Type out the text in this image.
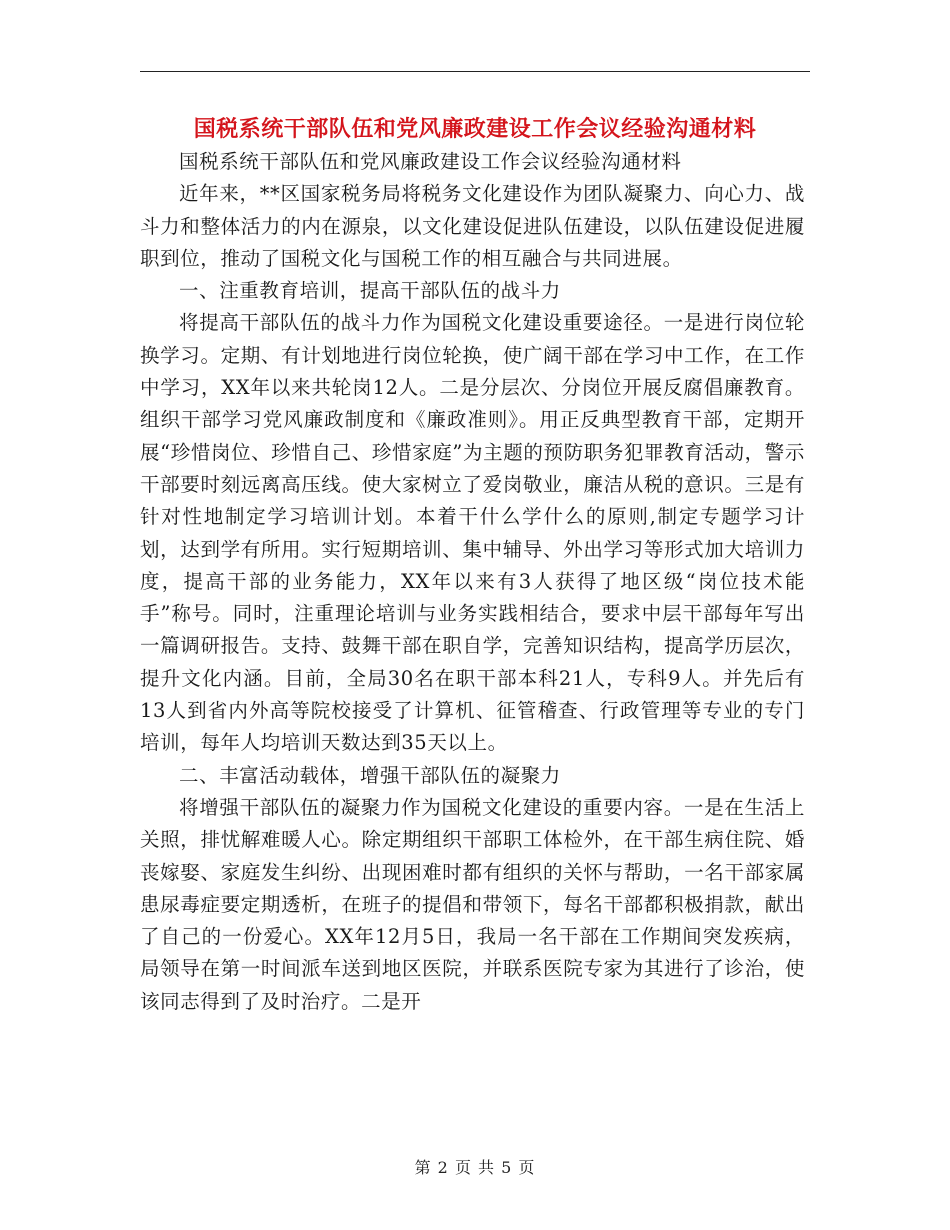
国税系统干部队伍和党风廉政建设工作会议经验沟通材料

国税系统干部队伍和党风廉政建设工作会议经验沟通材料

近年来，**区国家税务局将税务文化建设作为团队凝聚力、向心力、战斗力和整体活力的内在源泉，以文化建设促进队伍建设，以队伍建设促进履职到位，推动了国税文化与国税工作的相互融合与共同进展。

一、注重教育培训，提高干部队伍的战斗力

将提高干部队伍的战斗力作为国税文化建设重要途径。一是进行岗位轮换学习。定期、有计划地进行岗位轮换，使广阔干部在学习中工作，在工作中学习，XX年以来共轮岗12人。二是分层次、分岗位开展反腐倡廉教育。组织干部学习党风廉政制度和《廉政准则》。用正反典型教育干部，定期开展“珍惜岗位、珍惜自己、珍惜家庭”为主题的预防职务犯罪教育活动，警示干部要时刻远离高压线。使大家树立了爱岗敬业，廉洁从税的意识。三是有针对性地制定学习培训计划。本着干什么学什么的原则,制定专题学习计划，达到学有所用。实行短期培训、集中辅导、外出学习等形式加大培训力度，提高干部的业务能力，XX年以来有3人获得了地区级“岗位技术能手”称号。同时，注重理论培训与业务实践相结合，要求中层干部每年写出一篇调研报告。支持、鼓舞干部在职自学，完善知识结构，提高学历层次，提升文化内涵。目前，全局30名在职干部本科21人，专科9人。并先后有13人到省内外高等院校接受了计算机、征管稽查、行政管理等专业的专门培训，每年人均培训天数达到35天以上。

二、丰富活动载体，增强干部队伍的凝聚力

将增强干部队伍的凝聚力作为国税文化建设的重要内容。一是在生活上关照，排忧解难暖人心。除定期组织干部职工体检外，在干部生病住院、婚丧嫁娶、家庭发生纠纷、出现困难时都有组织的关怀与帮助，一名干部家属患尿毒症要定期透析，在班子的提倡和带领下，每名干部都积极捐款，献出了自己的一份爱心。XX年12月5日，我局一名干部在工作期间突发疾病，局领导在第一时间派车送到地区医院，并联系医院专家为其进行了诊治，使该同志得到了及时治疗。二是开

第 2 页 共 5 页
